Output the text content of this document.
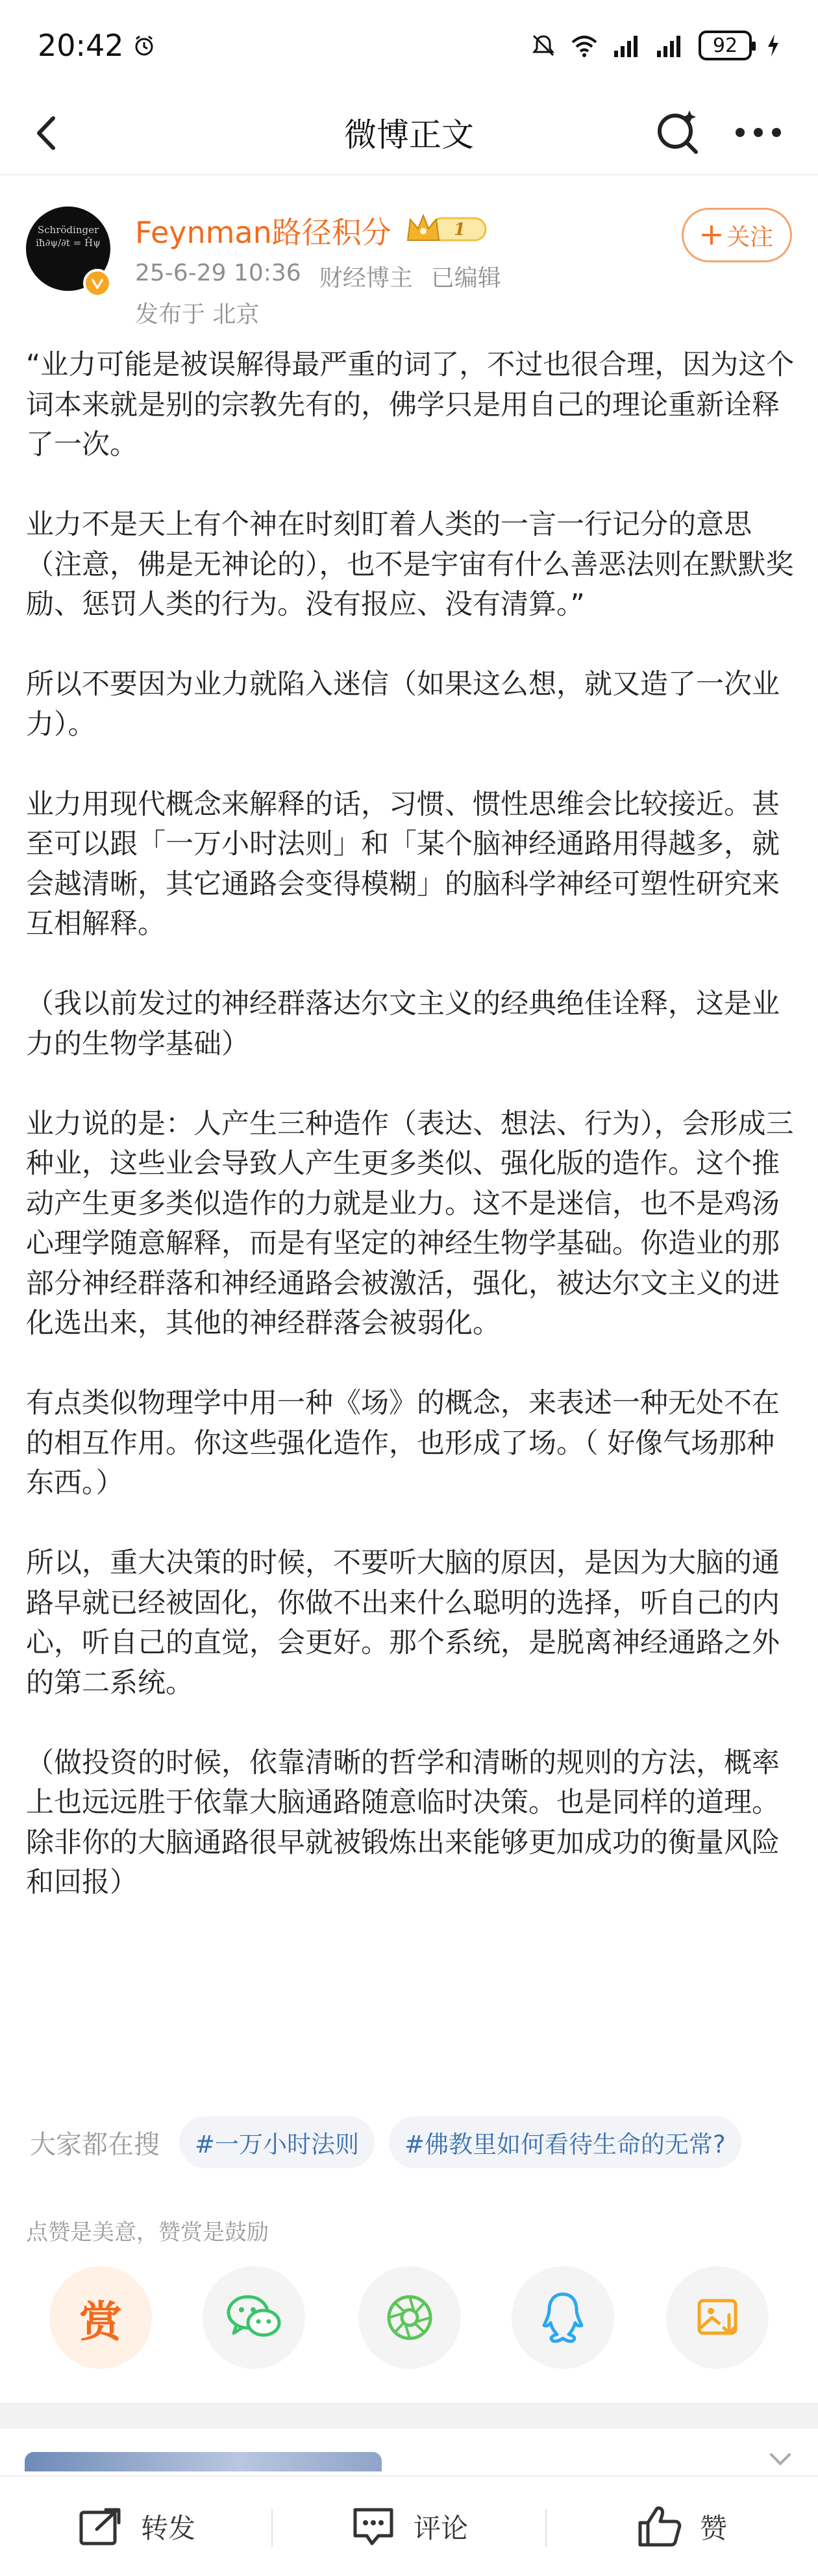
20:42	92
微博正文
Schrödinger
iħ∂ψ/∂t = Ĥψ	Feynman路径积分	1
25-6-29 10:36 财经博主 已编辑
发布于 北京
关注

“业力可能是被误解得最严重的词了，不过也很合理，因为这个词本来就是别的宗教先有的，佛学只是用自己的理论重新诠释了一次。

业力不是天上有个神在时刻盯着人类的一言一行记分的意思（注意，佛是无神论的），也不是宇宙有什么善恶法则在默默奖励、惩罚人类的行为。没有报应、没有清算。”

所以不要因为业力就陷入迷信（如果这么想，就又造了一次业力）。

业力用现代概念来解释的话，习惯、惯性思维会比较接近。甚至可以跟「一万小时法则」和「某个脑神经通路用得越多，就会越清晰，其它通路会变得模糊」的脑科学神经可塑性研究来互相解释。

（我以前发过的神经群落达尔文主义的经典绝佳诠释，这是业力的生物学基础）

业力说的是：人产生三种造作（表达、想法、行为），会形成三种业，这些业会导致人产生更多类似、强化版的造作。这个推动产生更多类似造作的力就是业力。这不是迷信，也不是鸡汤心理学随意解释，而是有坚定的神经生物学基础。你造业的那部分神经群落和神经通路会被激活，强化，被达尔文主义的进化选出来，其他的神经群落会被弱化。

有点类似物理学中用一种《场》的概念，来表述一种无处不在的相互作用。你这些强化造作，也形成了场。（ 好像气场那种东西。）

所以，重大决策的时候，不要听大脑的原因，是因为大脑的通路早就已经被固化，你做不出来什么聪明的选择，听自己的内心，听自己的直觉，会更好。那个系统，是脱离神经通路之外的第二系统。

（做投资的时候，依靠清晰的哲学和清晰的规则的方法，概率上也远远胜于依靠大脑通路随意临时决策。也是同样的道理。除非你的大脑通路很早就被锻炼出来能够更加成功的衡量风险和回报）

大家都在搜	#一万小时法则	#佛教里如何看待生命的无常?
点赞是美意，赞赏是鼓励
赏
转发	评论	赞
